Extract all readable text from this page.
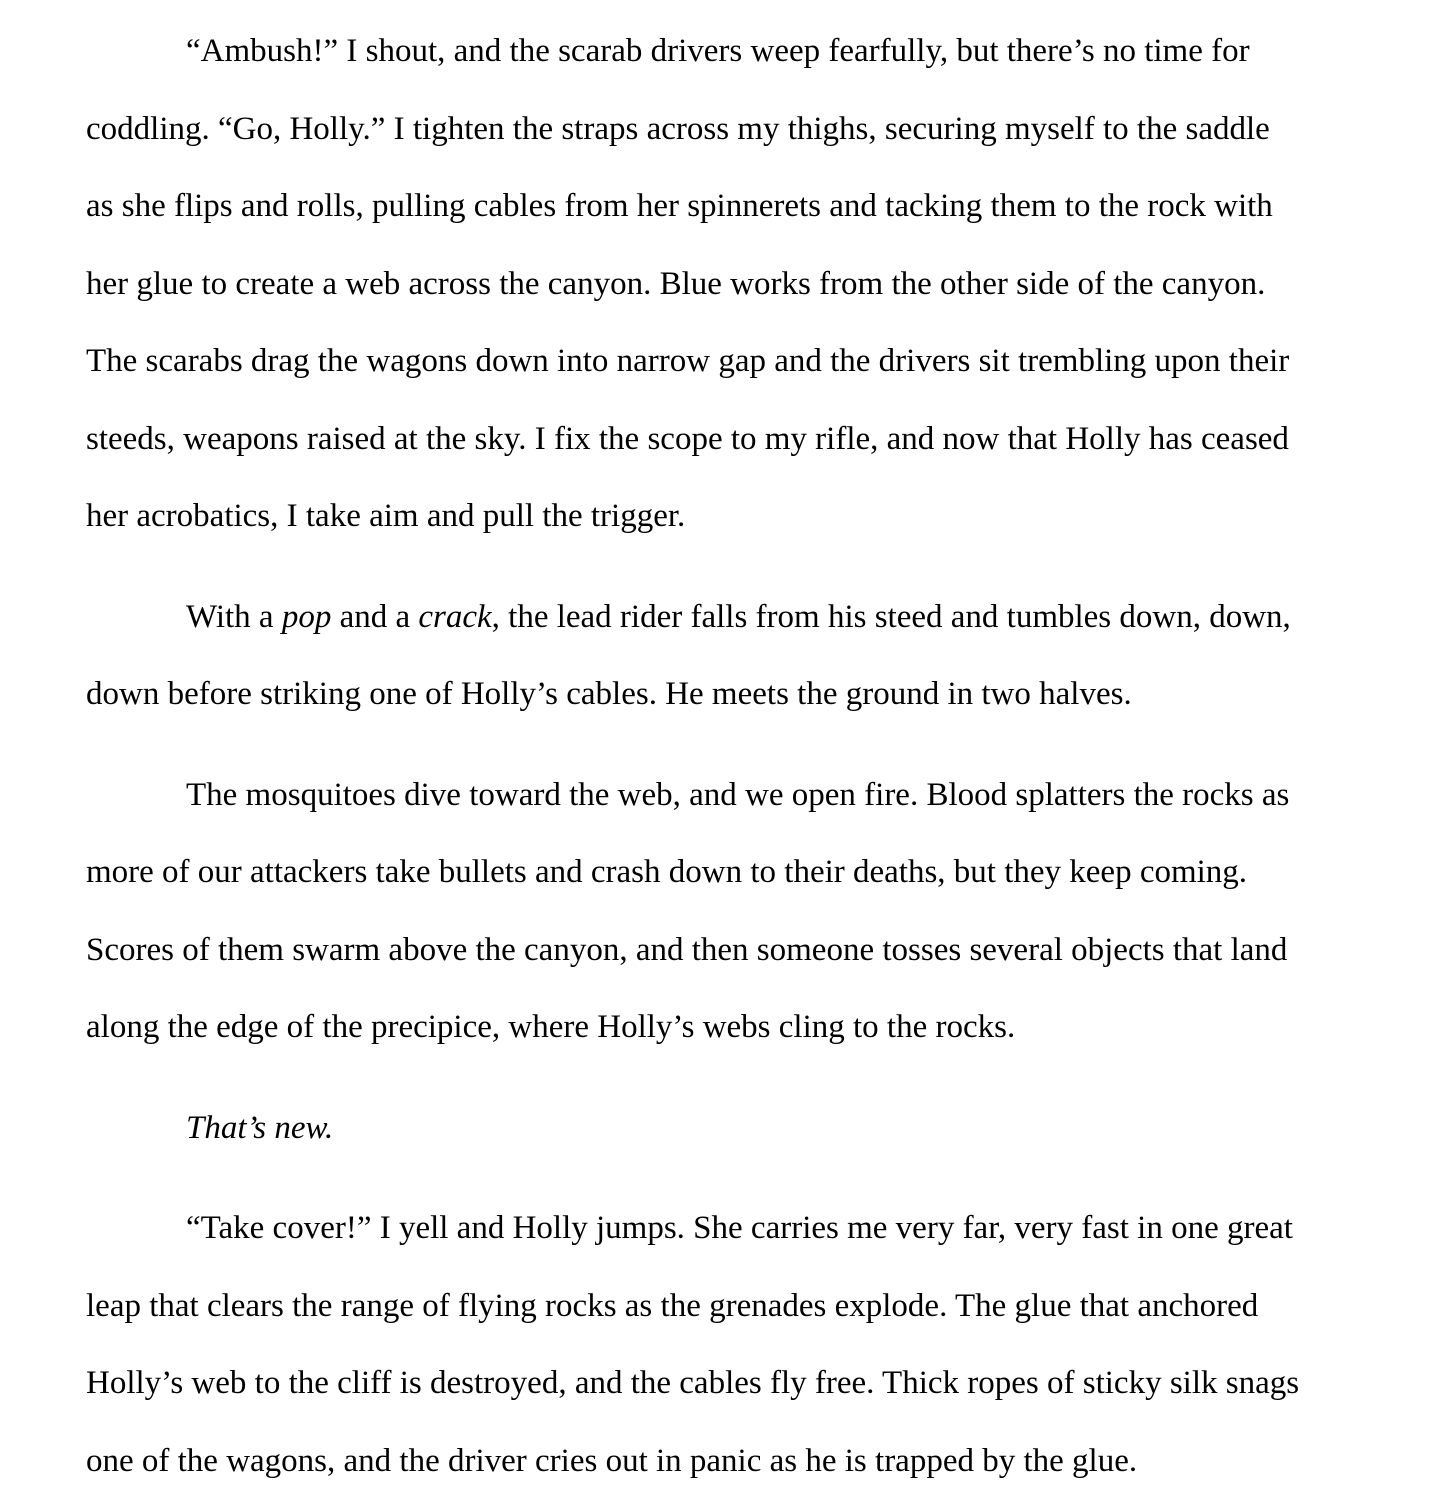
“Ambush!” I shout, and the scarab drivers weep fearfully, but there’s no time for
coddling. “Go, Holly.” I tighten the straps across my thighs, securing myself to the saddle
as she flips and rolls, pulling cables from her spinnerets and tacking them to the rock with
her glue to create a web across the canyon. Blue works from the other side of the canyon.
The scarabs drag the wagons down into narrow gap and the drivers sit trembling upon their
steeds, weapons raised at the sky. I fix the scope to my rifle, and now that Holly has ceased
her acrobatics, I take aim and pull the trigger.
With a pop and a crack, the lead rider falls from his steed and tumbles down, down,
down before striking one of Holly’s cables. He meets the ground in two halves.
The mosquitoes dive toward the web, and we open fire. Blood splatters the rocks as
more of our attackers take bullets and crash down to their deaths, but they keep coming.
Scores of them swarm above the canyon, and then someone tosses several objects that land
along the edge of the precipice, where Holly’s webs cling to the rocks.
That’s new.
“Take cover!” I yell and Holly jumps. She carries me very far, very fast in one great
leap that clears the range of flying rocks as the grenades explode. The glue that anchored
Holly’s web to the cliff is destroyed, and the cables fly free. Thick ropes of sticky silk snags
one of the wagons, and the driver cries out in panic as he is trapped by the glue.
